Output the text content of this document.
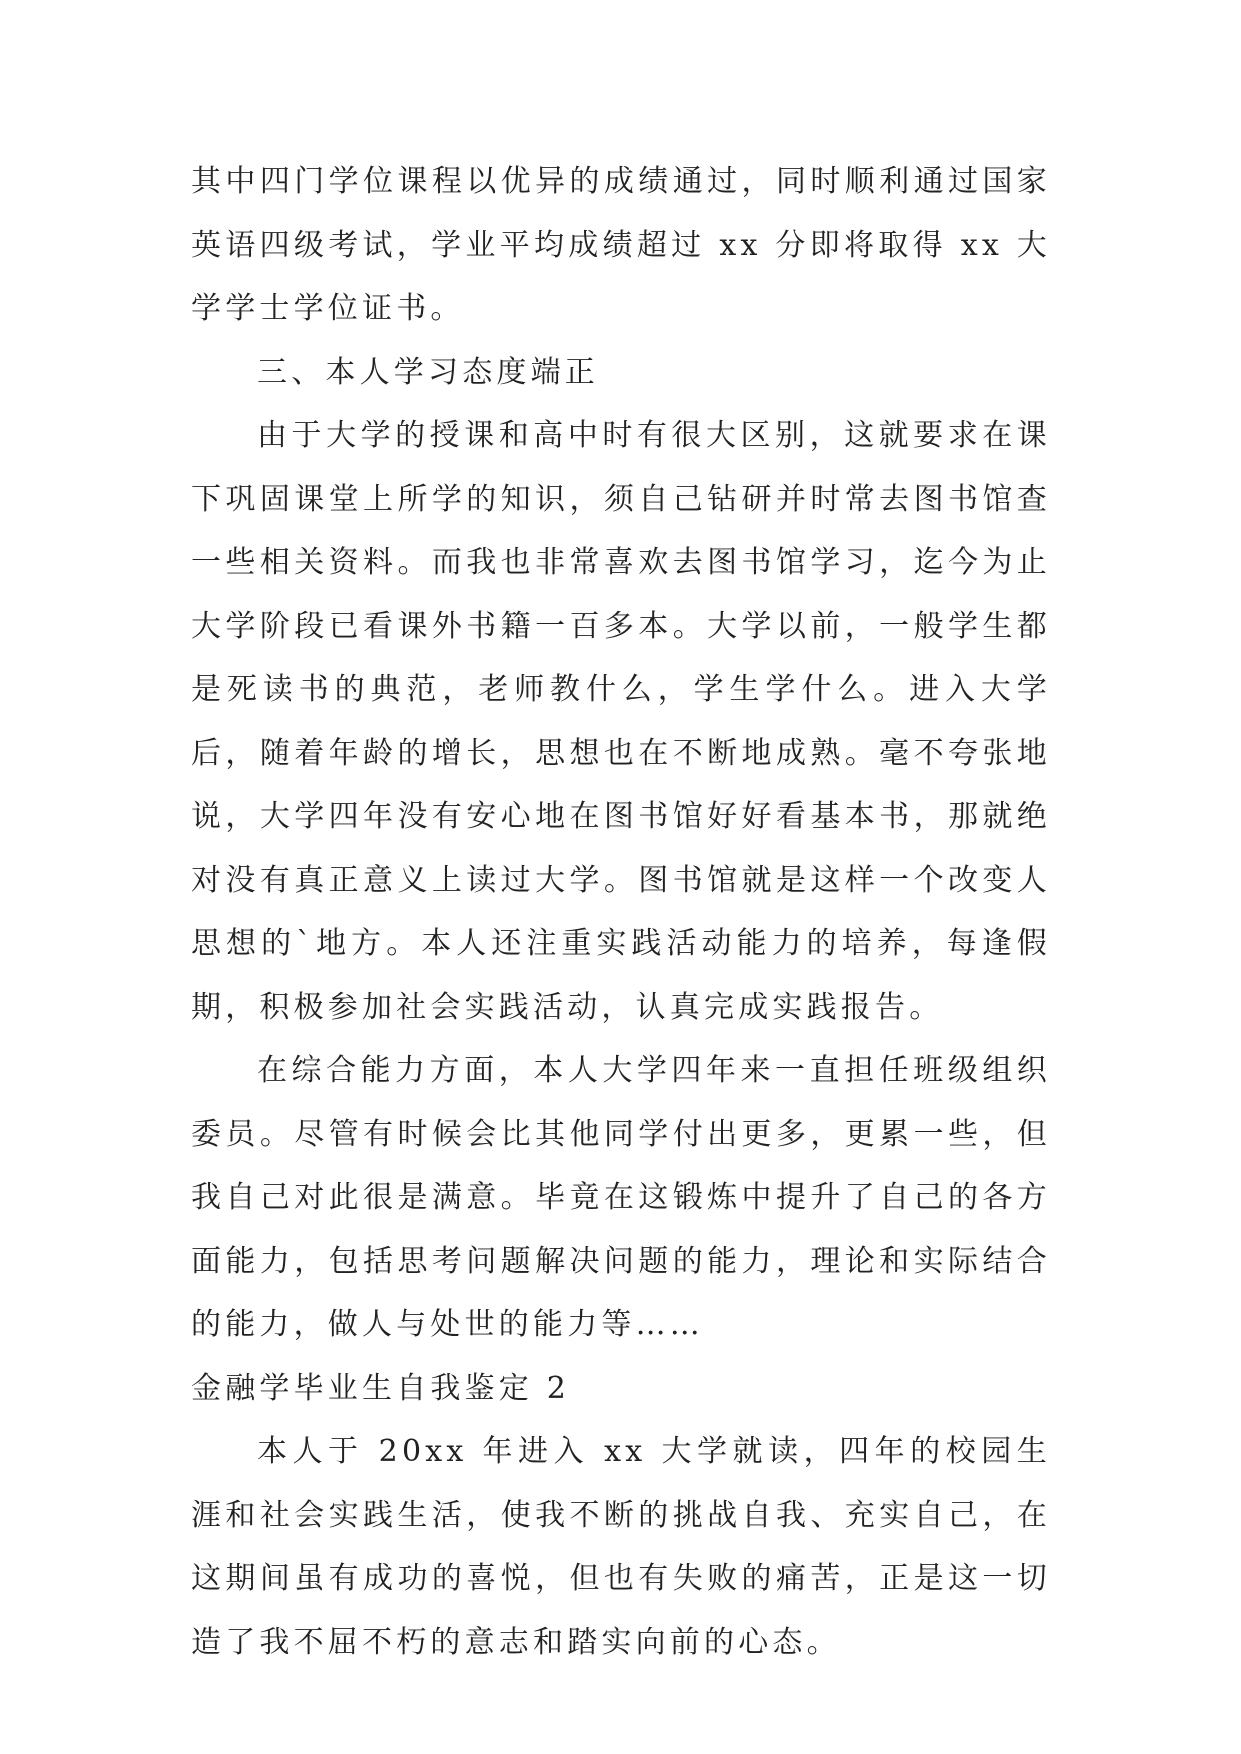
其中四门学位课程以优异的成绩通过，同时顺利通过国家英语四级考试，学业平均成绩超过 xx 分即将取得 xx 大学学士学位证书。

三、本人学习态度端正

由于大学的授课和高中时有很大区别，这就要求在课下巩固课堂上所学的知识，须自己钻研并时常去图书馆查一些相关资料。而我也非常喜欢去图书馆学习，迄今为止大学阶段已看课外书籍一百多本。大学以前，一般学生都是死读书的典范，老师教什么，学生学什么。进入大学后，随着年龄的增长，思想也在不断地成熟。毫不夸张地说，大学四年没有安心地在图书馆好好看基本书，那就绝对没有真正意义上读过大学。图书馆就是这样一个改变人思想的`地方。本人还注重实践活动能力的培养，每逢假期，积极参加社会实践活动，认真完成实践报告。

在综合能力方面，本人大学四年来一直担任班级组织委员。尽管有时候会比其他同学付出更多，更累一些，但我自己对此很是满意。毕竟在这锻炼中提升了自己的各方面能力，包括思考问题解决问题的能力，理论和实际结合的能力，做人与处世的能力等……

金融学毕业生自我鉴定 2

本人于 20xx 年进入 xx 大学就读，四年的校园生涯和社会实践生活，使我不断的挑战自我、充实自己，在这期间虽有成功的喜悦，但也有失败的痛苦，正是这一切造了我不屈不朽的意志和踏实向前的心态。
